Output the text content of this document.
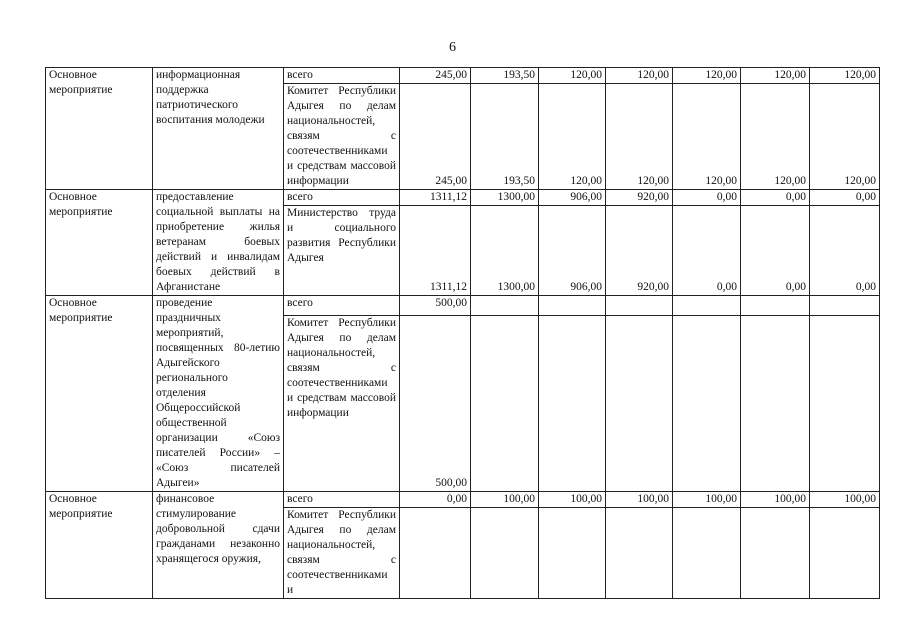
6
Основное мероприятие	информационная поддержка патриотического воспитания молодежи	всего	245,00	193,50	120,00	120,00	120,00	120,00	120,00
		Комитет Республики Адыгея по делам национальностей, связям с соотечественниками и средствам массовой информации	245,00	193,50	120,00	120,00	120,00	120,00	120,00
Основное мероприятие	предоставление социальной выплаты на приобретение жилья ветеранам боевых действий и инвалидам боевых действий в Афганистане	всего	1311,12	1300,00	906,00	920,00	0,00	0,00	0,00
		Министерство труда и социального развития Республики Адыгея	1311,12	1300,00	906,00	920,00	0,00	0,00	0,00
Основное мероприятие	проведение праздничных мероприятий, посвященных 80-летию Адыгейского регионального отделения Общероссийской общественной организации «Союз писателей России» – «Союз писателей Адыгеи»	всего	500,00						
		Комитет Республики Адыгея по делам национальностей, связям с соотечественниками и средствам массовой информации	500,00						
Основное мероприятие	финансовое стимулирование добровольной сдачи гражданами незаконно хранящегося оружия,	всего	0,00	100,00	100,00	100,00	100,00	100,00	100,00
		Комитет Республики Адыгея по делам национальностей, связям с соотечественниками и							
